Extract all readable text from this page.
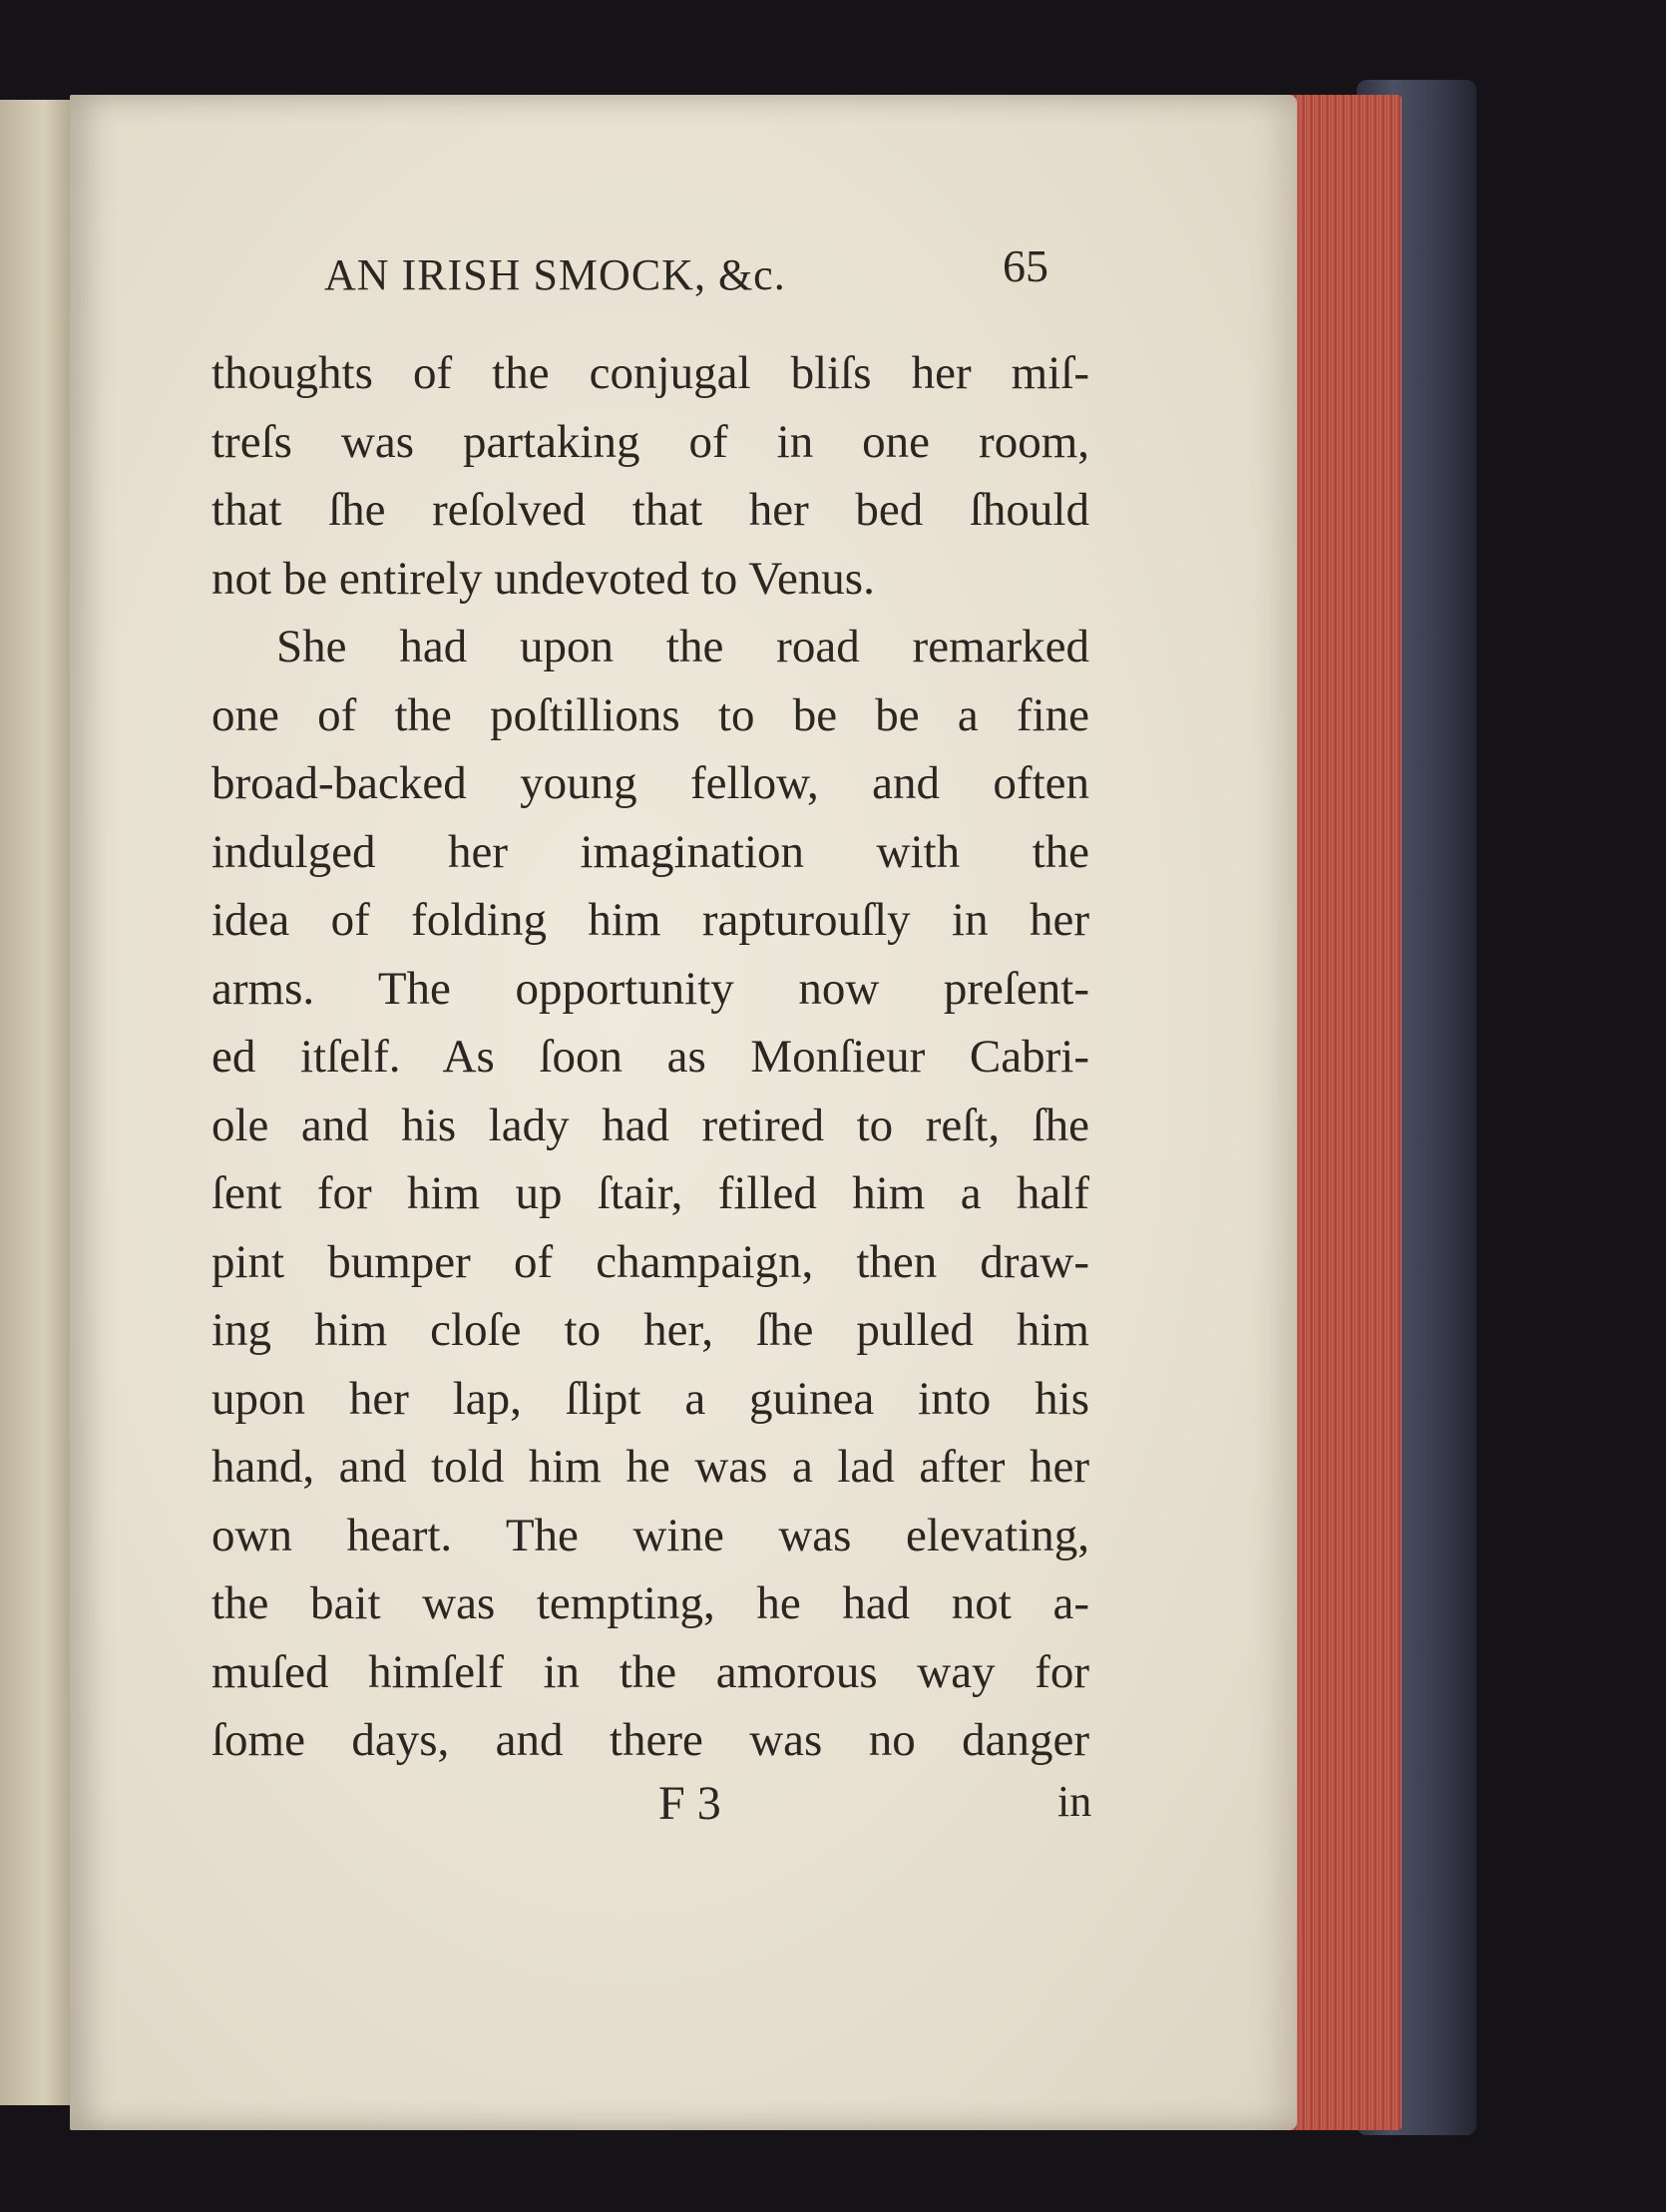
AN IRISH SMOCK, &c.	65
thoughts of the conjugal bliſs her miſ-
treſs was partaking of in one room,
that ſhe reſolved that her bed ſhould
not be entirely undevoted to Venus.
She had upon the road remarked
one of the poſtillions to be be a fine
broad-backed young fellow, and often
indulged her imagination with the
idea of folding him rapturouſly in her
arms. The opportunity now preſent-
ed itſelf. As ſoon as Monſieur Cabri-
ole and his lady had retired to reſt, ſhe
ſent for him up ſtair, filled him a half
pint bumper of champaign, then draw-
ing him cloſe to her, ſhe pulled him
upon her lap, ſlipt a guinea into his
hand, and told him he was a lad after her
own heart. The wine was elevating,
the bait was tempting, he had not a-
muſed himſelf in the amorous way for
ſome days, and there was no danger
F 3	in
